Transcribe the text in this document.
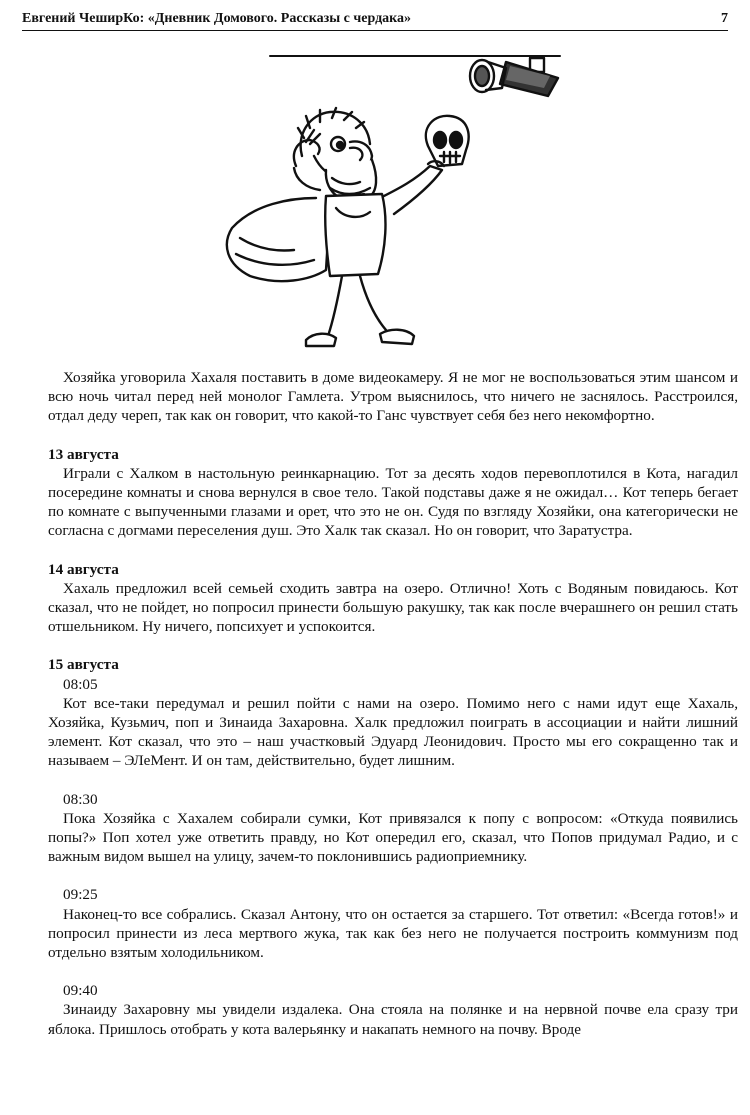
Евгений ЧеширКо: «Дневник Домового. Рассказы с чердака»	7

Хозяйка уговорила Хахаля поставить в доме видеокамеру. Я не мог не воспользоваться этим шансом и всю ночь читал перед ней монолог Гамлета. Утром выяснилось, что ничего не заснялось. Расстроился, отдал деду череп, так как он говорит, что какой-то Ганс чувствует себя без него некомфортно.

13 августа

Играли с Халком в настольную реинкарнацию. Тот за десять ходов перевоплотился в Кота, нагадил посередине комнаты и снова вернулся в свое тело. Такой подставы даже я не ожидал… Кот теперь бегает по комнате с выпученными глазами и орет, что это не он. Судя по взгляду Хозяйки, она категорически не согласна с догмами переселения душ. Это Халк так сказал. Но он говорит, что Заратустра.

14 августа

Хахаль предложил всей семьей сходить завтра на озеро. Отлично! Хоть с Водяным повидаюсь. Кот сказал, что не пойдет, но попросил принести большую ракушку, так как после вчерашнего он решил стать отшельником. Ну ничего, попсихует и успокоится.

15 августа
08:05

Кот все-таки передумал и решил пойти с нами на озеро. Помимо него с нами идут еще Хахаль, Хозяйка, Кузьмич, поп и Зинаида Захаровна. Халк предложил поиграть в ассоциации и найти лишний элемент. Кот сказал, что это – наш участковый Эдуард Леонидович. Просто мы его сокращенно так и называем – ЭЛеМент. И он там, действительно, будет лишним.

08:30

Пока Хозяйка с Хахалем собирали сумки, Кот привязался к попу с вопросом: «Откуда появились попы?» Поп хотел уже ответить правду, но Кот опередил его, сказал, что Попов придумал Радио, и с важным видом вышел на улицу, зачем-то поклонившись радиоприемнику.

09:25

Наконец-то все собрались. Сказал Антону, что он остается за старшего. Тот ответил: «Всегда готов!» и попросил принести из леса мертвого жука, так как без него не получается построить коммунизм под отдельно взятым холодильником.

09:40

Зинаиду Захаровну мы увидели издалека. Она стояла на полянке и на нервной почве ела сразу три яблока. Пришлось отобрать у кота валерьянку и накапать немного на почву. Вроде
